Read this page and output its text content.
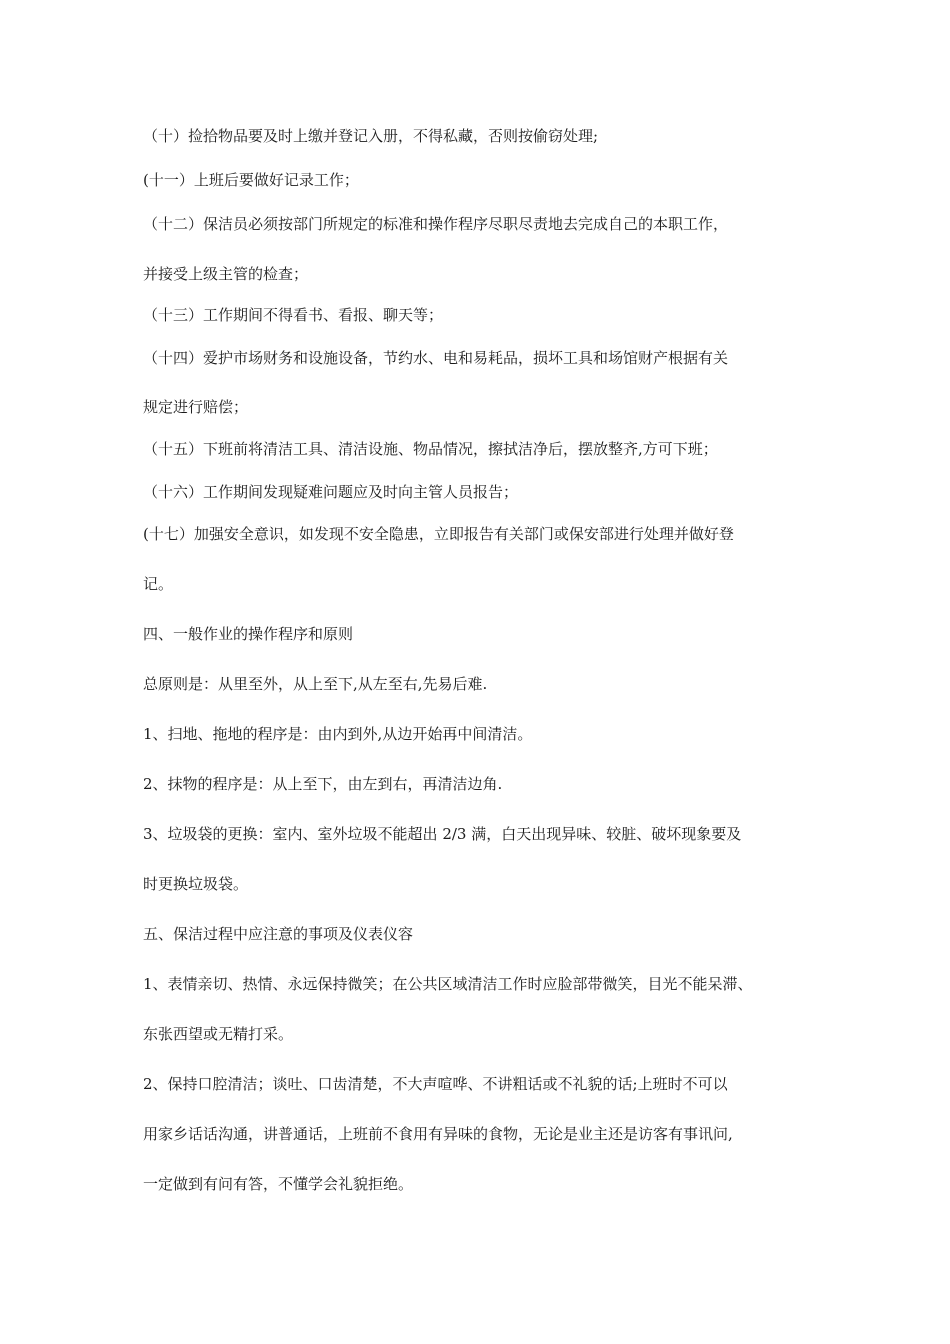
（十）捡拾物品要及时上缴并登记入册，不得私藏，否则按偷窃处理;
(十一）上班后要做好记录工作；
（十二）保洁员必须按部门所规定的标准和操作程序尽职尽责地去完成自己的本职工作，
并接受上级主管的检查；
（十三）工作期间不得看书、看报、聊天等；
（十四）爱护市场财务和设施设备，节约水、电和易耗品，损坏工具和场馆财产根据有关
规定进行赔偿；
（十五）下班前将清洁工具、清洁设施、物品情况，擦拭洁净后，摆放整齐,方可下班；
（十六）工作期间发现疑难问题应及时向主管人员报告；
(十七）加强安全意识，如发现不安全隐患，立即报告有关部门或保安部进行处理并做好登
记。
四、一般作业的操作程序和原则
总原则是：从里至外，从上至下,从左至右,先易后难.
1、扫地、拖地的程序是：由内到外,从边开始再中间清洁。
2、抹物的程序是：从上至下，由左到右，再清洁边角.
3、垃圾袋的更换：室内、室外垃圾不能超出 2/3 满，白天出现异味、较脏、破坏现象要及
时更换垃圾袋。
五、保洁过程中应注意的事项及仪表仪容
1、表情亲切、热情、永远保持微笑；在公共区域清洁工作时应脸部带微笑，目光不能呆滞、
东张西望或无精打采。
2、保持口腔清洁；谈吐、口齿清楚，不大声喧哗、不讲粗话或不礼貌的话;上班时不可以
用家乡话话沟通，讲普通话，上班前不食用有异味的食物，无论是业主还是访客有事讯问,
一定做到有问有答，不懂学会礼貌拒绝。
